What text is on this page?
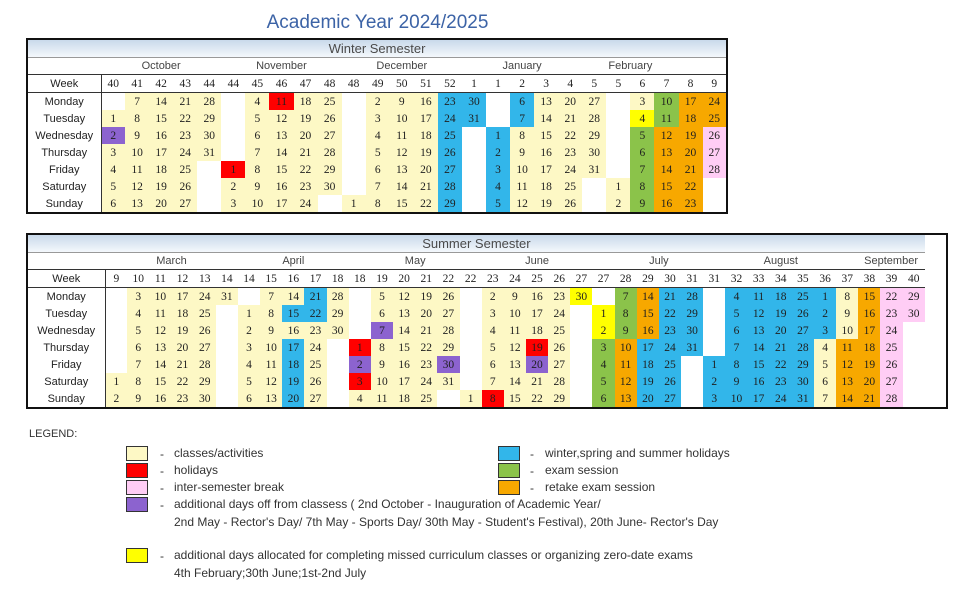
Academic Year 2024/2025
Winter Semester																										
	October					November					December					January					February					
Week	40	41	42	43	44	44	45	46	47	48	48	49	50	51	52	1	1	2	3	4	5	5	6	7	8	9
Monday		7	14	21	28		4	11	18	25		2	9	16	23	30		6	13	20	27		3	10	17	24
Tuesday	1	8	15	22	29		5	12	19	26		3	10	17	24	31		7	14	21	28		4	11	18	25
Wednesday	2	9	16	23	30		6	13	20	27		4	11	18	25		1	8	15	22	29		5	12	19	26
Thursday	3	10	17	24	31		7	14	21	28		5	12	19	26		2	9	16	23	30		6	13	20	27
Friday	4	11	18	25		1	8	15	22	29		6	13	20	27		3	10	17	24	31		7	14	21	28
Saturday	5	12	19	26		2	9	16	23	30		7	14	21	28		4	11	18	25		1	8	15	22	
Sunday	6	13	20	27		3	10	17	24		1	8	15	22	29		5	12	19	26		2	9	16	23	
Summer Semester																																					
	March						April					May						June					July						August					September			
Week	9	10	11	12	13	14	14	15	16	17	18	18	19	20	21	22	22	23	24	25	26	27	27	28	29	30	31	31	32	33	34	35	36	37	38	39	40
Monday		3	10	17	24	31		7	14	21	28		5	12	19	26		2	9	16	23	30		7	14	21	28		4	11	18	25	1	8	15	22	29
Tuesday		4	11	18	25		1	8	15	22	29		6	13	20	27		3	10	17	24		1	8	15	22	29		5	12	19	26	2	9	16	23	30
Wednesday		5	12	19	26		2	9	16	23	30		7	14	21	28		4	11	18	25		2	9	16	23	30		6	13	20	27	3	10	17	24	
Thursday		6	13	20	27		3	10	17	24		1	8	15	22	29		5	12	19	26		3	10	17	24	31		7	14	21	28	4	11	18	25	
Friday		7	14	21	28		4	11	18	25		2	9	16	23	30		6	13	20	27		4	11	18	25		1	8	15	22	29	5	12	19	26	
Saturday	1	8	15	22	29		5	12	19	26		3	10	17	24	31		7	14	21	28		5	12	19	26		2	9	16	23	30	6	13	20	27	
Sunday	2	9	16	23	30		6	13	20	27		4	11	18	25		1	8	15	22	29		6	13	20	27		3	10	17	24	31	7	14	21	28	
LEGEND:
- classes/activities
- holidays
- inter-semester break
- additional days off from classess ( 2nd October - Inauguration of Academic Year/
2nd May - Rector's Day/ 7th May - Sports Day/ 30th May - Student's Festival), 20th June- Rector's Day
- additional days allocated for completing missed curriculum classes or organizing zero-date exams
4th February;30th June;1st-2nd July
- winter,spring and summer holidays
- exam session
- retake exam session
